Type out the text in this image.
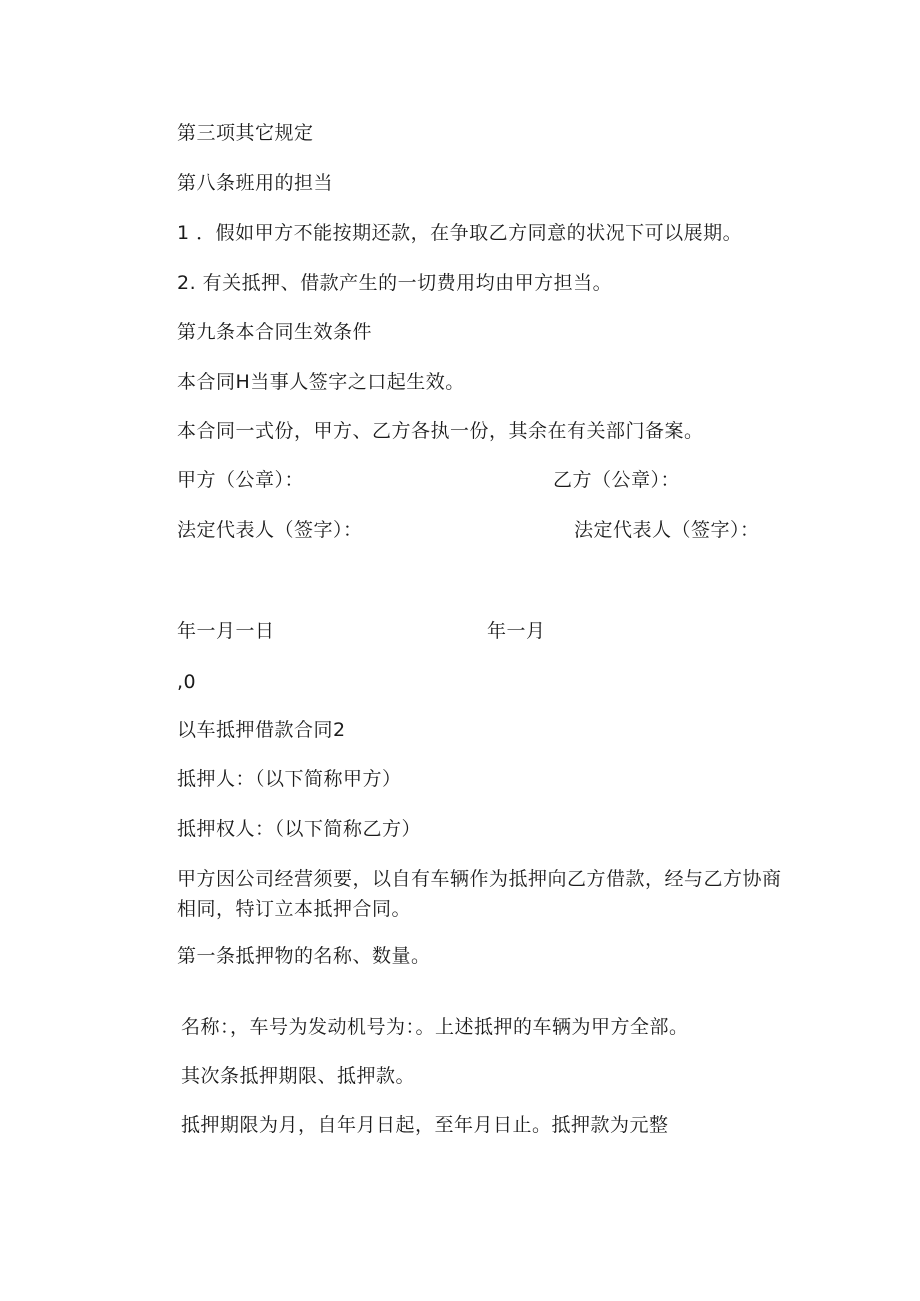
第三项其它规定
第八条班用的担当
1 ．假如甲方不能按期还款，在争取乙方同意的状况下可以展期。
2. 有关抵押、借款产生的一切费用均由甲方担当。
第九条本合同生效条件
本合同H当事人签字之口起生效。
本合同一式份，甲方、乙方各执一份，其余在有关部门备案。
甲方（公章）：	乙方（公章）：
法定代表人（签字）：	法定代表人（签字）：
年一月一日	年一月
,0
以车抵押借款合同2
抵押人：（以下简称甲方）
抵押权人：（以下简称乙方）
甲方因公司经营须要，以自有车辆作为抵押向乙方借款，经与乙方协商相同，特订立本抵押合同。
第一条抵押物的名称、数量。
名称：，车号为发动机号为：。上述抵押的车辆为甲方全部。
其次条抵押期限、抵押款。
抵押期限为月，自年月日起，至年月日止。抵押款为元整
